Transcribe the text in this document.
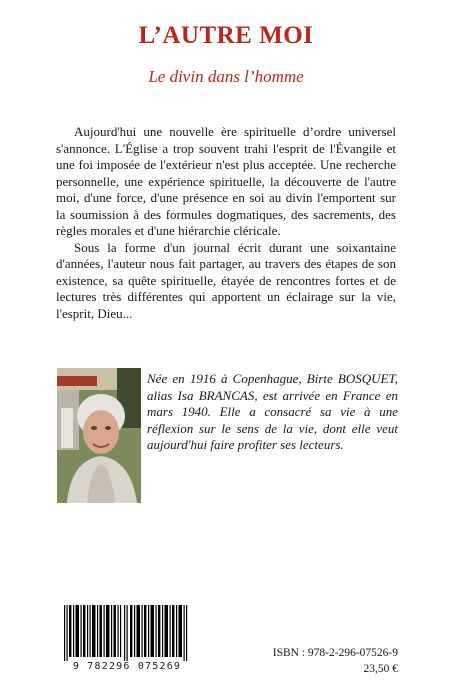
L’AUTRE MOI
Le divin dans l’homme

Aujourd'hui une nouvelle ère spirituelle d’ordre universel s'annonce. L'Église a trop souvent trahi l'esprit de l'Évangile et une foi imposée de l'extérieur n'est plus acceptée. Une recherche personnelle, une expérience spirituelle, la découverte de l'autre moi, d'une force, d'une présence en soi au divin l'emportent sur la soumission à des formules dogmatiques, des sacrements, des règles morales et d'une hiérarchie cléricale.

Sous la forme d'un journal écrit durant une soixantaine d'années, l'auteur nous fait partager, au travers des étapes de son existence, sa quête spirituelle, étayée de rencontres fortes et de lectures très différentes qui apportent un éclairage sur la vie, l'esprit, Dieu...

Née en 1916 à Copenhague, Birte BOSQUET, alias Isa BRANCAS, est arrivée en France en mars 1940. Elle a consacré sa vie à une réflexion sur le sens de la vie, dont elle veut aujourd'hui faire profiter ses lecteurs.
9 782296 075269
ISBN : 978-2-296-07526-9
23,50 €
